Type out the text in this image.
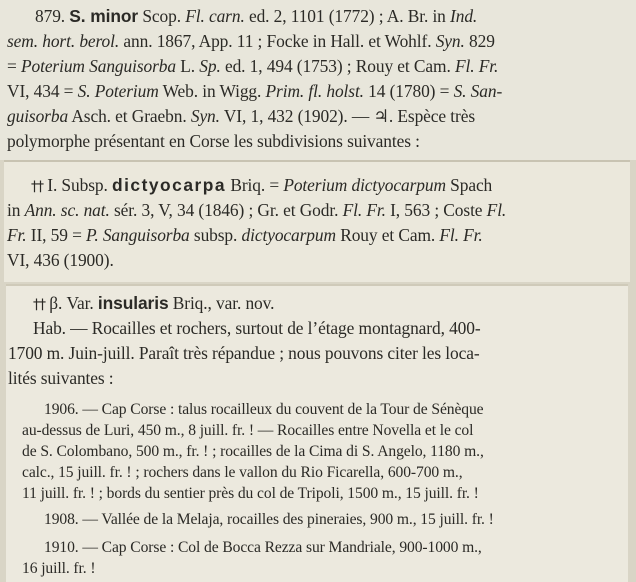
879. S. minor Scop. Fl. carn. ed. 2, 1101 (1772) ; A. Br. in Ind.
sem. hort. berol. ann. 1867, App. 11 ; Focke in Hall. et Wohlf. Syn. 829
= Poterium Sanguisorba L. Sp. ed. 1, 494 (1753) ; Rouy et Cam. Fl. Fr.
VI, 434 = S. Poterium Web. in Wigg. Prim. fl. holst. 14 (1780) = S. San-
guisorba Asch. et Graebn. Syn. VI, 1, 432 (1902). — ♃. Espèce très
polymorphe présentant en Corse les subdivisions suivantes :
†† I. Subsp. dictyocarpa Briq. = Poterium dictyocarpum Spach
in Ann. sc. nat. sér. 3, V, 34 (1846) ; Gr. et Godr. Fl. Fr. I, 563 ; Coste Fl.
Fr. II, 59 = P. Sanguisorba subsp. dictyocarpum Rouy et Cam. Fl. Fr.
VI, 436 (1900).
†† β. Var. insularis Briq., var. nov.
Hab. — Rocailles et rochers, surtout de l’étage montagnard, 400-
1700 m. Juin-juill. Paraît très répandue ; nous pouvons citer les loca-
lités suivantes :
1906. — Cap Corse : talus rocailleux du couvent de la Tour de Sénèque
au-dessus de Luri, 450 m., 8 juill. fr. ! — Rocailles entre Novella et le col
de S. Colombano, 500 m., fr. ! ; rocailles de la Cima di S. Angelo, 1180 m.,
calc., 15 juill. fr. ! ; rochers dans le vallon du Rio Ficarella, 600-700 m.,
11 juill. fr. ! ; bords du sentier près du col de Tripoli, 1500 m., 15 juill. fr. !
1908. — Vallée de la Melaja, rocailles des pineraies, 900 m., 15 juill. fr. !
1910. — Cap Corse : Col de Bocca Rezza sur Mandriale, 900-1000 m.,
16 juill. fr. !
